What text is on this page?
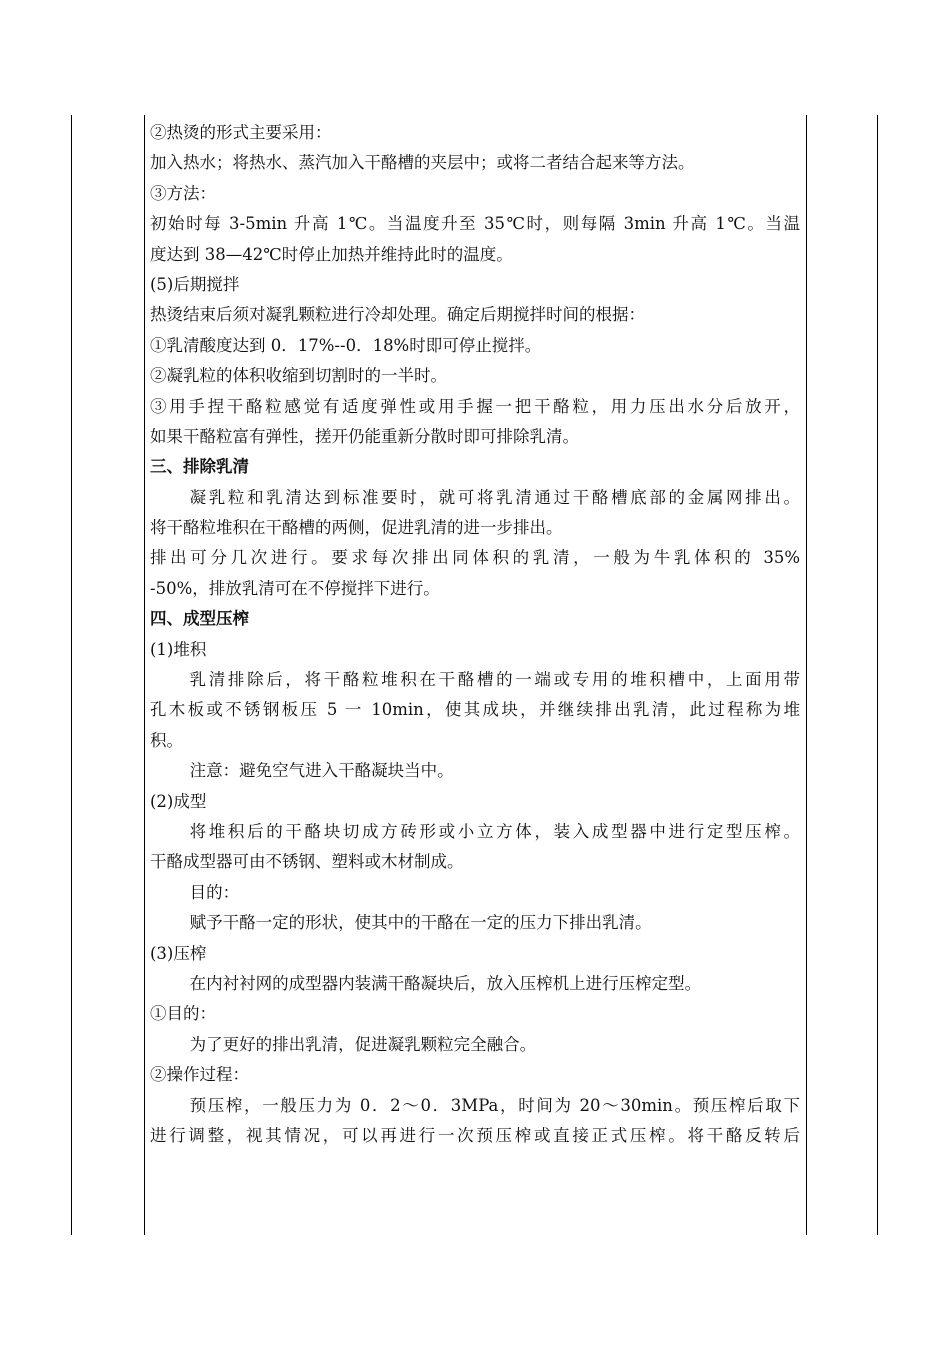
②热烫的形式主要采用：
加入热水；将热水、蒸汽加入干酪槽的夹层中；或将二者结合起来等方法。
③方法：
初始时每 3-5min 升高 1℃。当温度升至 35℃时，则每隔 3min 升高 1℃。当温
度达到 38—42℃时停止加热并维持此时的温度。
(5)后期搅拌
热烫结束后须对凝乳颗粒进行冷却处理。确定后期搅拌时间的根据：
①乳清酸度达到 0．17%--0．18%时即可停止搅拌。
②凝乳粒的体积收缩到切割时的一半时。
③用手捏干酪粒感觉有适度弹性或用手握一把干酪粒，用力压出水分后放开，
如果干酪粒富有弹性，搓开仍能重新分散时即可排除乳清。
三、排除乳清
凝乳粒和乳清达到标准要时，就可将乳清通过干酪槽底部的金属网排出。
将干酪粒堆积在干酪槽的两侧，促进乳清的进一步排出。
排出可分几次进行。要求每次排出同体积的乳清，一般为牛乳体积的 35%
-50%，排放乳清可在不停搅拌下进行。
四、成型压榨
(1)堆积
乳清排除后，将干酪粒堆积在干酪槽的一端或专用的堆积槽中，上面用带
孔木板或不锈钢板压 5 一 10min，使其成块，并继续排出乳清，此过程称为堆
积。
注意：避免空气进入干酪凝块当中。
(2)成型
将堆积后的干酪块切成方砖形或小立方体，装入成型器中进行定型压榨。
干酪成型器可由不锈钢、塑料或木材制成。
目的：
赋予干酪一定的形状，使其中的干酪在一定的压力下排出乳清。
(3)压榨
在内衬衬网的成型器内装满干酪凝块后，放入压榨机上进行压榨定型。
①目的：
为了更好的排出乳清，促进凝乳颗粒完全融合。
②操作过程：
预压榨，一般压力为 0．2～0．3MPa，时间为 20～30min。预压榨后取下
进行调整，视其情况，可以再进行一次预压榨或直接正式压榨。将干酪反转后
